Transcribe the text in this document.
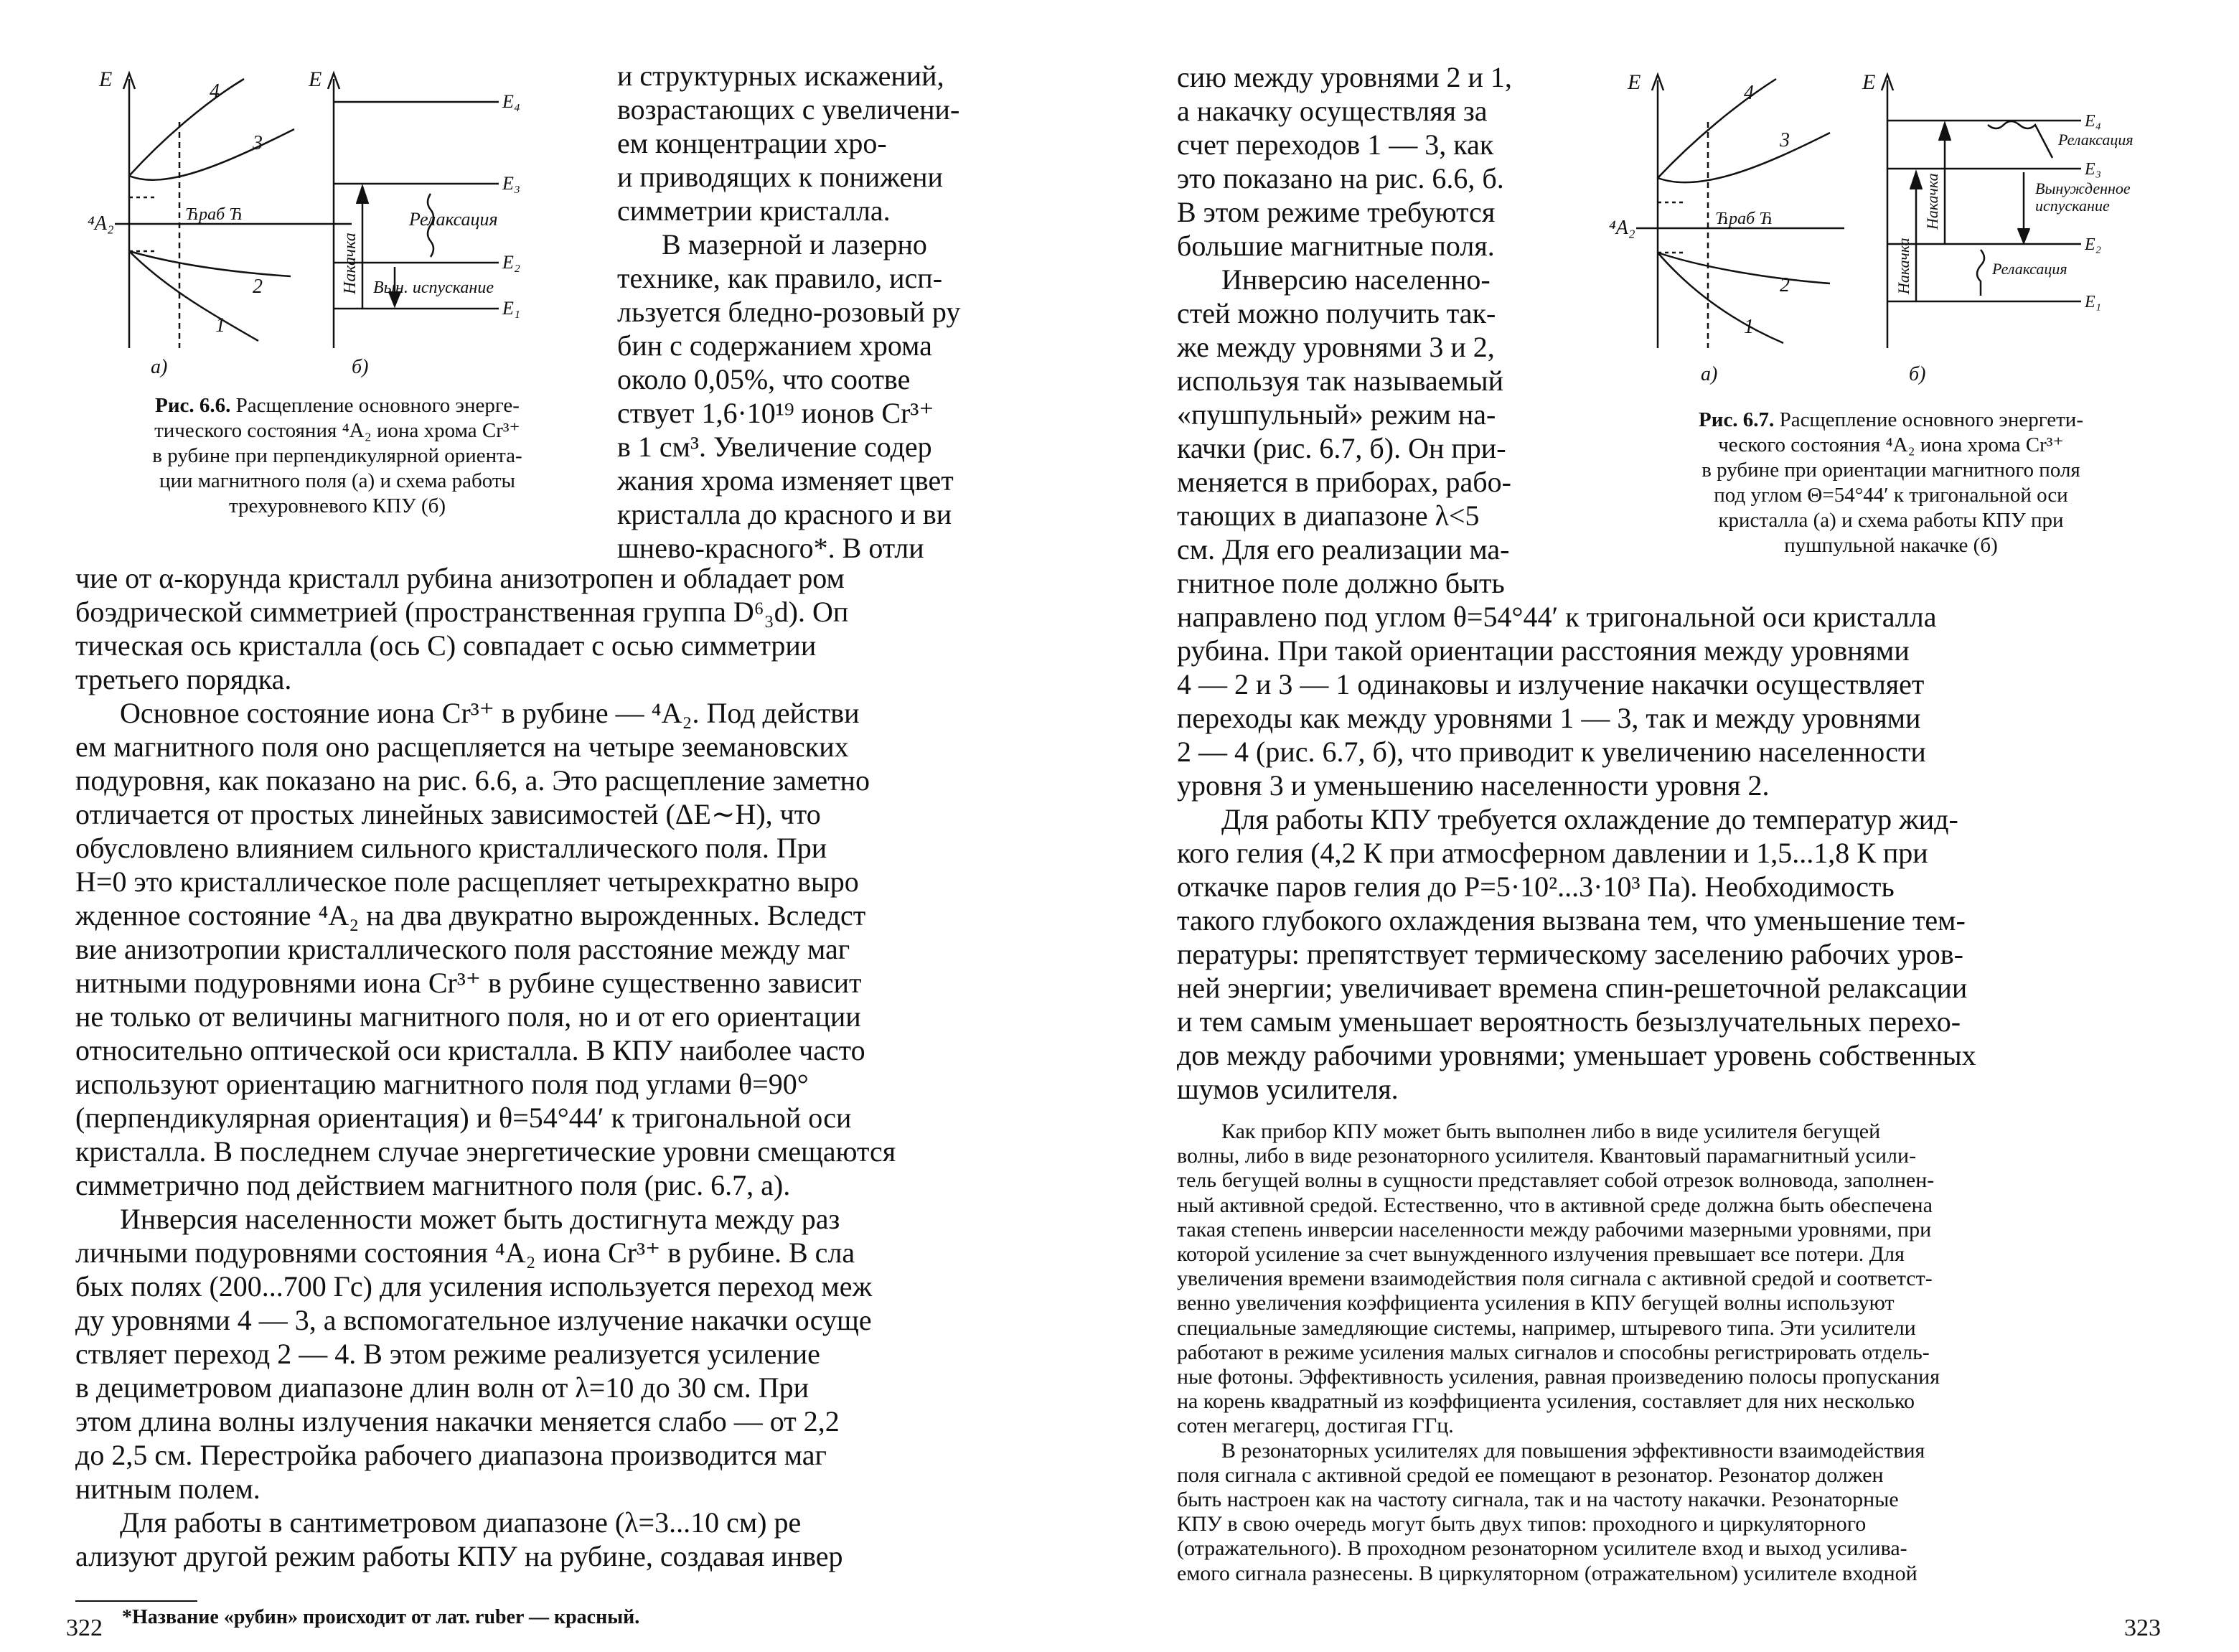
E
⁴A₂
4
3
2
1
Ћраб Ћ
E
E₄
E₃
E₂
E₁
Накачка
Релаксация
Вын. испускание
а)	б)
Рис. 6.6. Расщепление основного энерге-
тического состояния ⁴A₂ иона хрома Cr³⁺
в рубине при перпендикулярной ориента-
ции магнитного поля (а) и схема работы
трехуровневого КПУ (б)

и структурных искажений,

возрастающих с увеличени-

ем концентрации хро-

и приводящих к понижени

симметрии кристалла.

В мазерной и лазерно

технике, как правило, исп-

льзуется бледно-розовый ру

бин с содержанием хрома

около 0,05%, что соотве

ствует 1,6·10¹⁹ ионов Cr³⁺

в 1 см³. Увеличение содер

жания хрома изменяет цвет

кристалла до красного и ви

шнево-красного*. В отли

чие от α-корунда кристалл рубина анизотропен и обладает ром

боэдрической симметрией (пространственная группа D⁶₃d). Оп

тическая ось кристалла (ось C) совпадает с осью симметрии

третьего порядка.

Основное состояние иона Cr³⁺ в рубине — ⁴A₂. Под действи

ем магнитного поля оно расщепляется на четыре зеемановских

подуровня, как показано на рис. 6.6, а. Это расщепление заметно

отличается от простых линейных зависимостей (ΔE∼H), что

обусловлено влиянием сильного кристаллического поля. При

H=0 это кристаллическое поле расщепляет четырехкратно выро

жденное состояние ⁴A₂ на два двукратно вырожденных. Вследст

вие анизотропии кристаллического поля расстояние между маг

нитными подуровнями иона Cr³⁺ в рубине существенно зависит

не только от величины магнитного поля, но и от его ориентации

относительно оптической оси кристалла. В КПУ наиболее часто

используют ориентацию магнитного поля под углами θ=90°

(перпендикулярная ориентация) и θ=54°44′ к тригональной оси

кристалла. В последнем случае энергетические уровни смещаются

симметрично под действием магнитного поля (рис. 6.7, а).

Инверсия населенности может быть достигнута между раз

личными подуровнями состояния ⁴A₂ иона Cr³⁺ в рубине. В сла

бых полях (200...700 Гс) для усиления используется переход меж

ду уровнями 4 — 3, а вспомогательное излучение накачки осуще

ствляет переход 2 — 4. В этом режиме реализуется усиление

в дециметровом диапазоне длин волн от λ=10 до 30 см. При

этом длина волны излучения накачки меняется слабо — от 2,2

до 2,5 см. Перестройка рабочего диапазона производится маг

нитным полем.

Для работы в сантиметровом диапазоне (λ=3...10 см) ре

ализуют другой режим работы КПУ на рубине, создавая инвер

*Название «рубин» происходит от лат. ruber — красный.
322

сию между уровнями 2 и 1,

а накачку осуществляя за

счет переходов 1 — 3, как

это показано на рис. 6.6, б.

В этом режиме требуются

большие магнитные поля.

Инверсию населенно-

стей можно получить так-

же между уровнями 3 и 2,

используя так называемый

«пушпульный» режим на-

качки (рис. 6.7, б). Он при-

меняется в приборах, рабо-

тающих в диапазоне λ<5

см. Для его реализации ма-

гнитное поле должно быть

E
⁴A₂
4
3
2
1
Ћраб Ћ
E
E₄
E₃
E₂
E₁
Накачка
Накачка
Релаксация
Вынужденное
испускание
Релаксация
а)	б)
Рис. 6.7. Расщепление основного энергети-
ческого состояния ⁴A₂ иона хрома Cr³⁺
в рубине при ориентации магнитного поля
под углом Θ=54°44′ к тригональной оси
кристалла (а) и схема работы КПУ при
пушпульной накачке (б)

направлено под углом θ=54°44′ к тригональной оси кристалла

рубина. При такой ориентации расстояния между уровнями

4 — 2 и 3 — 1 одинаковы и излучение накачки осуществляет

переходы как между уровнями 1 — 3, так и между уровнями

2 — 4 (рис. 6.7, б), что приводит к увеличению населенности

уровня 3 и уменьшению населенности уровня 2.

Для работы КПУ требуется охлаждение до температур жид-

кого гелия (4,2 К при атмосферном давлении и 1,5...1,8 К при

откачке паров гелия до P=5·10²...3·10³ Па). Необходимость

такого глубокого охлаждения вызвана тем, что уменьшение тем-

пературы: препятствует термическому заселению рабочих уров-

ней энергии; увеличивает времена спин-решеточной релаксации

и тем самым уменьшает вероятность безызлучательных перехо-

дов между рабочими уровнями; уменьшает уровень собственных

шумов усилителя.

Как прибор КПУ может быть выполнен либо в виде усилителя бегущей

волны, либо в виде резонаторного усилителя. Квантовый парамагнитный усили-

тель бегущей волны в сущности представляет собой отрезок волновода, заполнен-

ный активной средой. Естественно, что в активной среде должна быть обеспечена

такая степень инверсии населенности между рабочими мазерными уровнями, при

которой усиление за счет вынужденного излучения превышает все потери. Для

увеличения времени взаимодействия поля сигнала с активной средой и соответст-

венно увеличения коэффициента усиления в КПУ бегущей волны используют

специальные замедляющие системы, например, штыревого типа. Эти усилители

работают в режиме усиления малых сигналов и способны регистрировать отдель-

ные фотоны. Эффективность усиления, равная произведению полосы пропускания

на корень квадратный из коэффициента усиления, составляет для них несколько

сотен мегагерц, достигая ГГц.

В резонаторных усилителях для повышения эффективности взаимодействия

поля сигнала с активной средой ее помещают в резонатор. Резонатор должен

быть настроен как на частоту сигнала, так и на частоту накачки. Резонаторные

КПУ в свою очередь могут быть двух типов: проходного и циркуляторного

(отражательного). В проходном резонаторном усилителе вход и выход усилива-

емого сигнала разнесены. В циркуляторном (отражательном) усилителе входной

323
